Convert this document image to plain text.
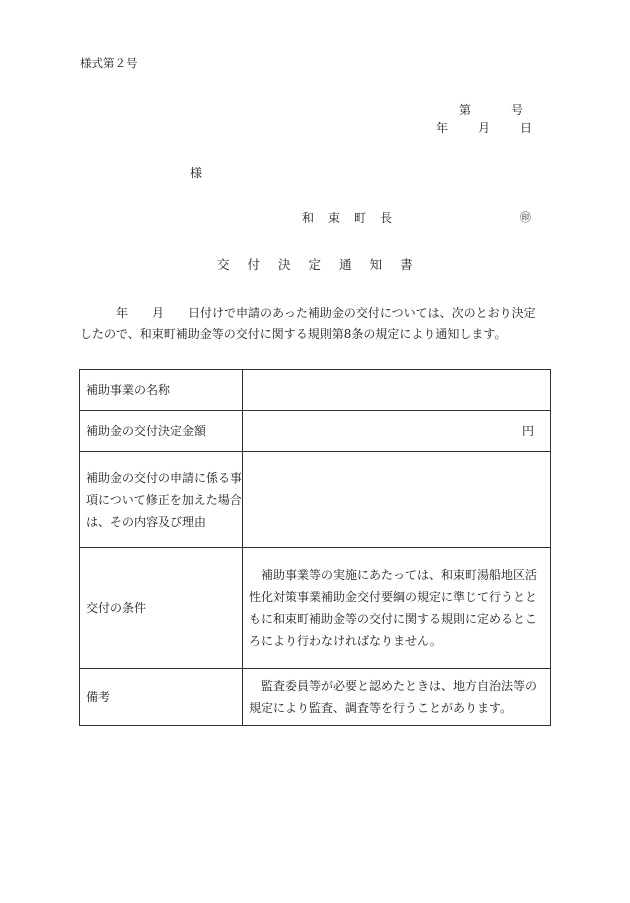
様式第２号
第	号
年	月	日
様
和 束 町 長	㊞
交 付 決 定 通 知 書
年 月 日付けで申請のあった補助金の交付については、次のとおり決定
したので、和束町補助金等の交付に関する規則第8条の規定により通知します。
補助事業の名称	
補助金の交付決定金額	円
補助金の交付の申請に係る事項について修正を加えた場合は、その内容及び理由	
交付の条件	補助事業等の実施にあたっては、和束町湯船地区活性化対策事業補助金交付要綱の規定に準じて行うとともに和束町補助金等の交付に関する規則に定めるところにより行わなければなりません。
備考	監査委員等が必要と認めたときは、地方自治法等の規定により監査、調査等を行うことがあります。
